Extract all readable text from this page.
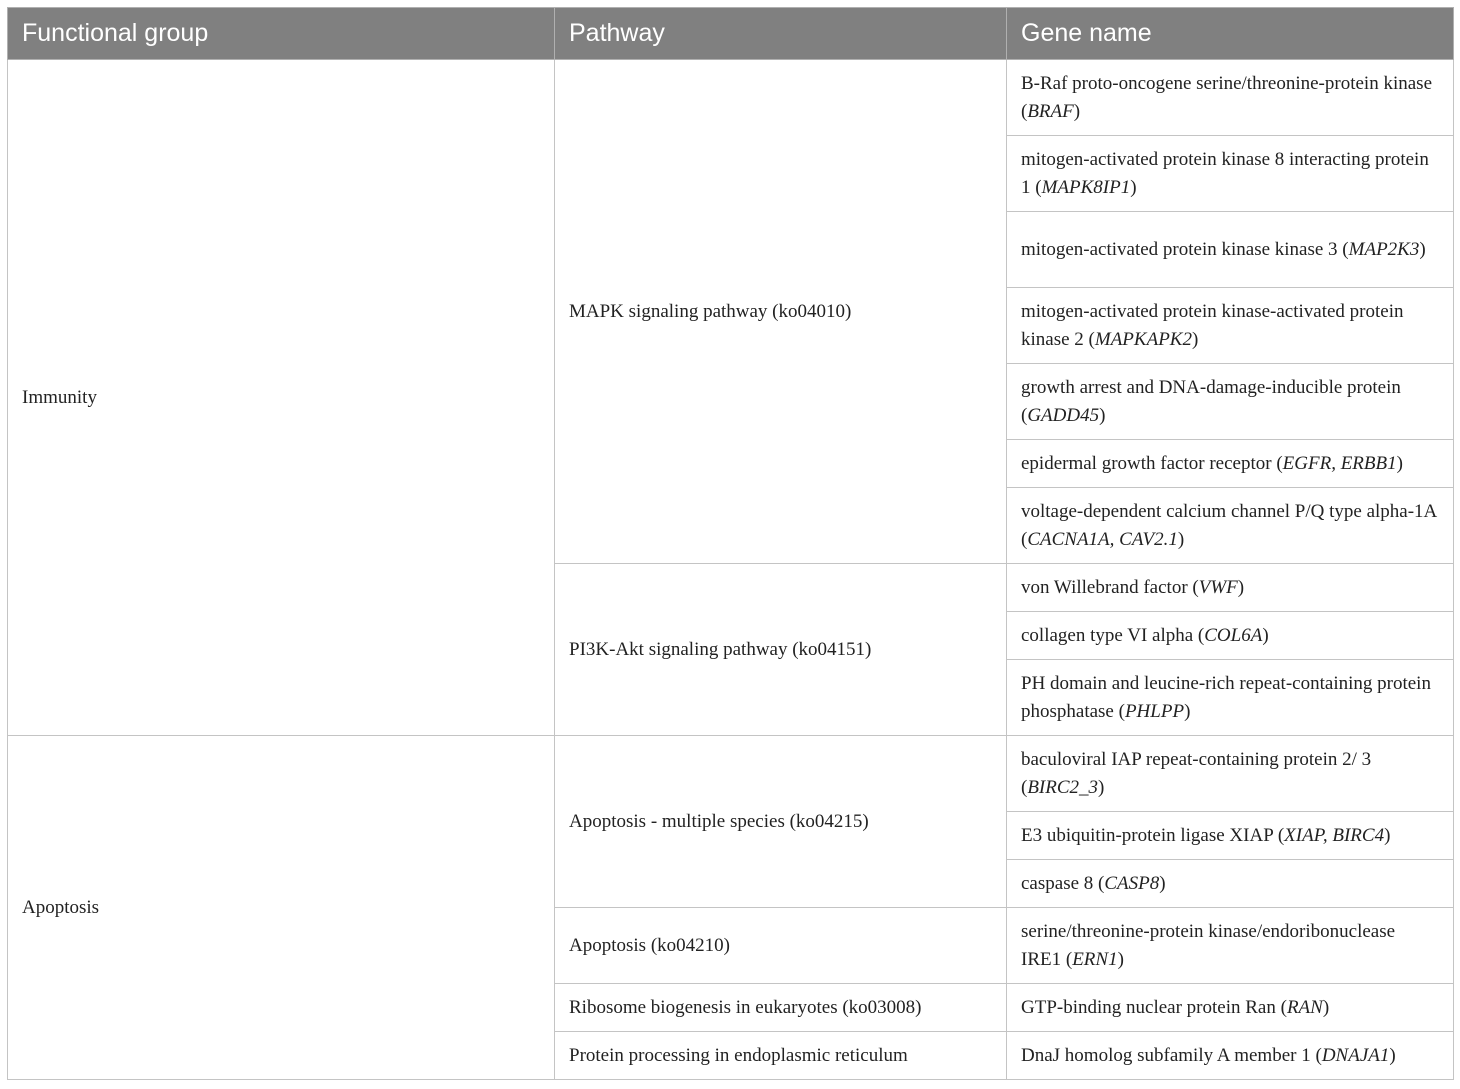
Functional group	Pathway	Gene name
Immunity	MAPK signaling pathway (ko04010)	B-Raf proto-oncogene serine/threonine-protein kinase (BRAF)
		mitogen-activated protein kinase 8 interacting protein 1 (MAPK8IP1)
		mitogen-activated protein kinase kinase 3 (MAP2K3)
		mitogen-activated protein kinase-activated protein kinase 2 (MAPKAPK2)
		growth arrest and DNA-damage-inducible protein (GADD45)
		epidermal growth factor receptor (EGFR, ERBB1)
		voltage-dependent calcium channel P/Q type alpha-1A (CACNA1A, CAV2.1)
	PI3K-Akt signaling pathway (ko04151)	von Willebrand factor (VWF)
		collagen type VI alpha (COL6A)
		PH domain and leucine-rich repeat-containing protein phosphatase (PHLPP)
Apoptosis	Apoptosis - multiple species (ko04215)	baculoviral IAP repeat-containing protein 2/ 3 (BIRC2_3)
		E3 ubiquitin-protein ligase XIAP (XIAP, BIRC4)
		caspase 8 (CASP8)
	Apoptosis (ko04210)	serine/threonine-protein kinase/endoribonuclease IRE1 (ERN1)
	Ribosome biogenesis in eukaryotes (ko03008)	GTP-binding nuclear protein Ran (RAN)
	Protein processing in endoplasmic reticulum	DnaJ homolog subfamily A member 1 (DNAJA1)
